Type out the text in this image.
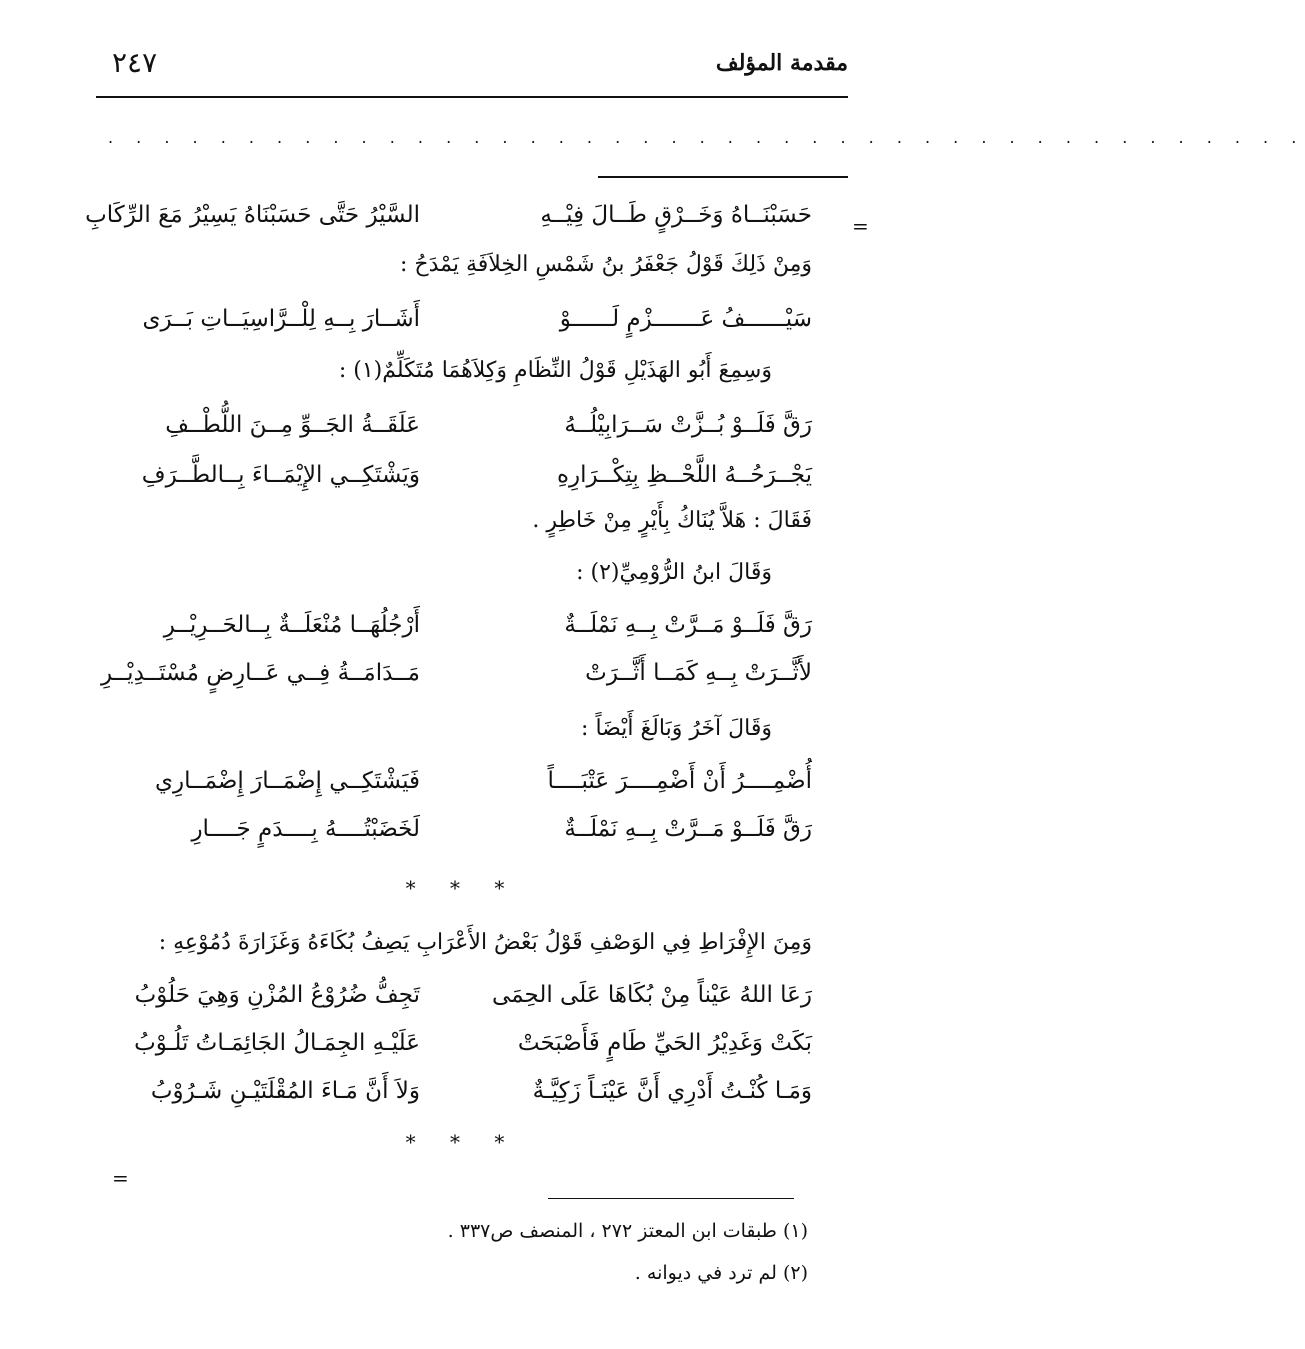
٢٤٧	مقدمة المؤلف
. . . . . . . . . . . . . . . . . . . . . . . . . . . . . . . . . . . . . . . . . . .
=
حَسَبْنَــاهُ وَخَــرْقٍ طَــالَ فِيْــهِ
السَّيْرُ حَتَّى حَسَبْنَاهُ يَسِيْرُ مَعَ الرِّكَابِ
وَمِنْ ذَلِكَ قَوْلُ جَعْفَرُ بنُ شَمْسِ الخِلاَفَةِ يَمْدَحُ :
سَيْــــــفُ عَـــــــزْمٍ لَــــــوْ
أَشَــارَ بِــهِ لِلْــرَّاسِيَــاتِ بَــرَى
وَسِمِعَ أَبُو الهَذَيْلِ قَوْلُ النِّظَامِ وَكِلاَهُمَا مُتَكَلِّمٌ(١) :
رَقَّ فَلَــوْ بُــزَّتْ سَــرَابِيْلُــهُ
عَلَقَــةُ الجَــوِّ مِــنَ اللُّطْــفِ
يَجْــرَحُــهُ اللَّحْــظِ بِتِكْــرَارِهِ
وَيَشْتَكِــي الإِيْمَــاءَ بِــالطَّــرَفِ
فَقَالَ : هَلاَّ يُنَاكُ بِأَيْرٍ مِنْ خَاطِرٍ .
وَقَالَ ابنُ الرُّوْمِيِّ(٢) :
رَقَّ فَلَــوْ مَــرَّتْ بِــهِ نَمْلَــةٌ
أَرْجُلُهَــا مُنْعَلَــةٌ بِــالحَــرِيْــرِ
لأَثَّــرَتْ بِــهِ كَمَــا أَثَّــرَتْ
مَــدَامَــةُ فِــي عَــارِضٍ مُسْتَــدِيْــرِ
وَقَالَ آخَرُ وَبَالَغَ أَيْضَاً :
أُضْمِــــرُ أَنْ أَضْمِــــرَ عَتْبَــــاً
فَيَشْتَكِــي إِضْمَــارَ إِضْمَــارِي
رَقَّ فَلَــوْ مَــرَّتْ بِــهِ نَمْلَــةٌ
لَخَضَبْتُــــهُ بِــــدَمٍ جَــــارِ
* * *
وَمِنَ الإِفْرَاطِ فِي الوَصْفِ قَوْلُ بَعْضُ الأَعْرَابِ يَصِفُ بُكَاءَهُ وَغَزَارَةَ دُمُوْعِهِ :
رَعَا اللهُ عَيْناً مِنْ بُكَاهَا عَلَى الحِمَى
تَجِفُّ ضُرُوْعُ المُزْنِ وَهِيَ حَلُوْبُ
بَكَتْ وَغَدِيْرُ الحَيِّ طَامٍ فَأَصْبَحَتْ
عَلَيْـهِ الجِمَـالُ الجَائِمَـاتُ تَلُـوْبُ
وَمَـا كُنْـتُ أَدْرِي أَنَّ عَيْنَـاً زَكِيَّـةٌ
وَلاَ أَنَّ مَـاءَ المُقْلَتَيْـنِ شَـرُوْبُ
* * *
=
(١) طبقات ابن المعتز ٢٧٢ ، المنصف ص٣٣٧ .
(٢) لم ترد في ديوانه .
